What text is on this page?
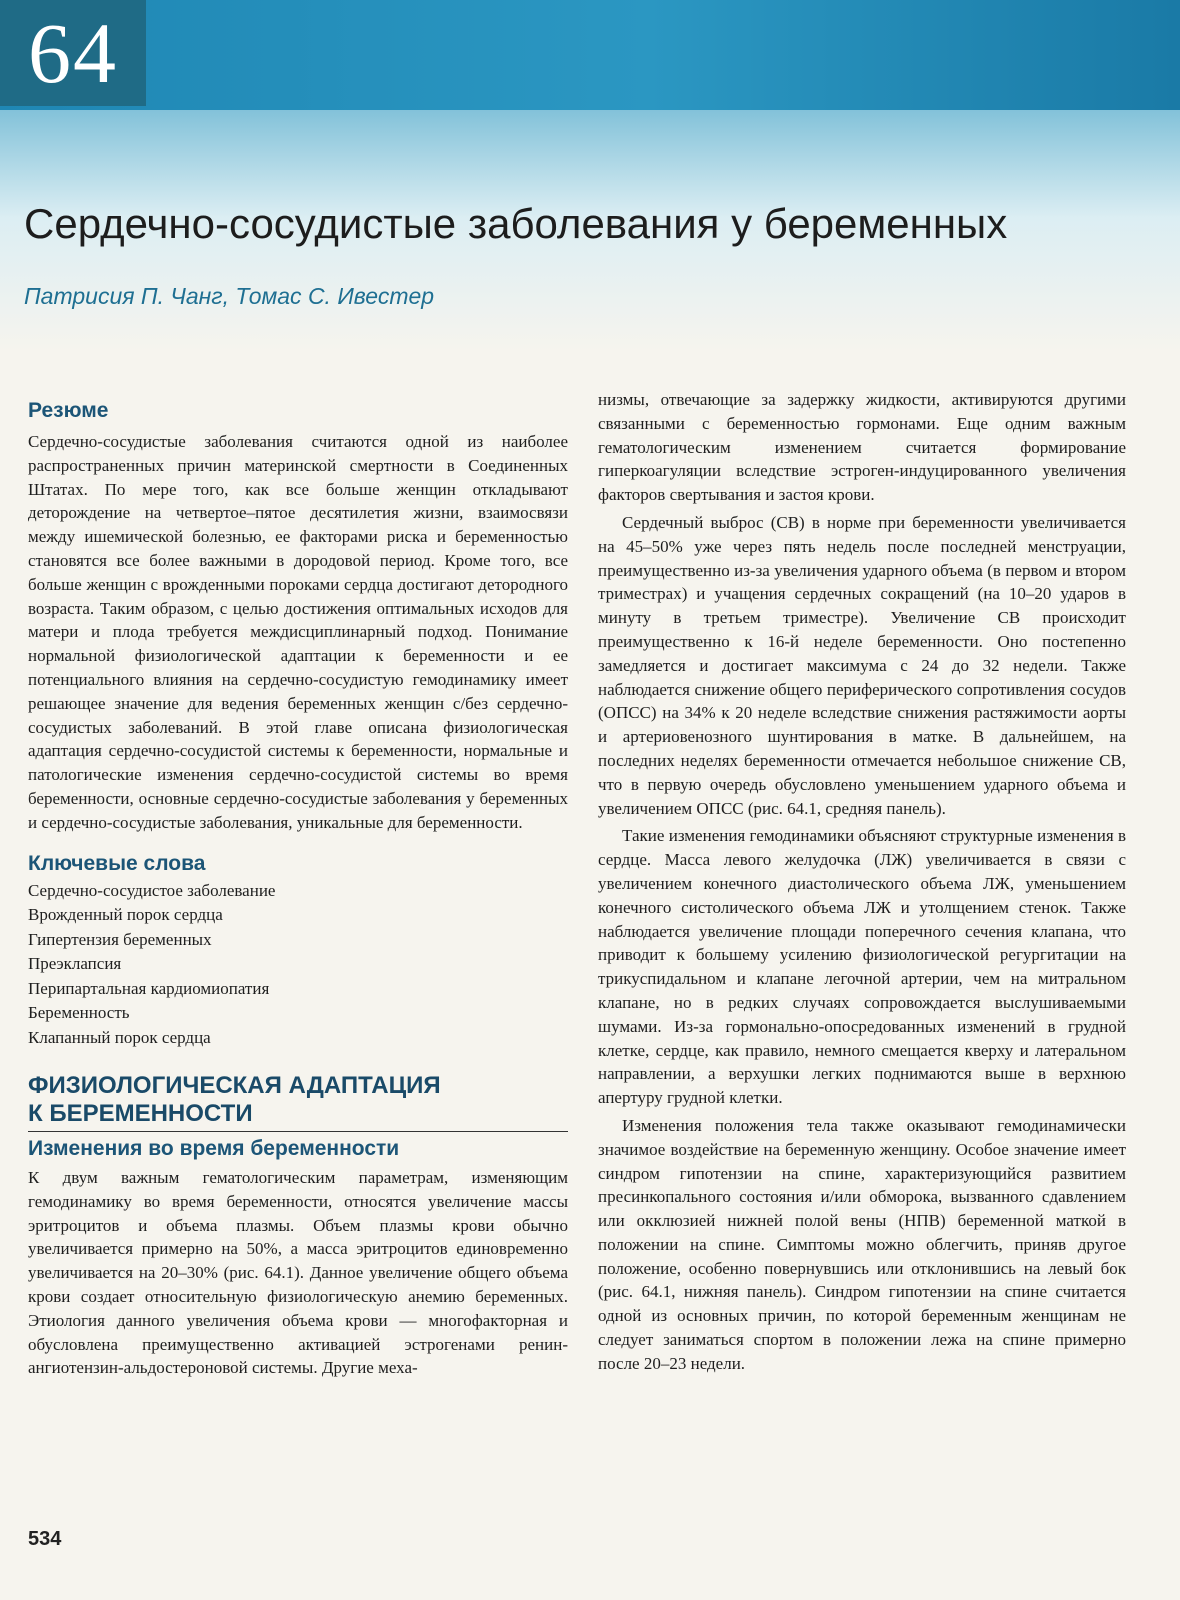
64
Сердечно-сосудистые заболевания у беременных
Патрисия П. Чанг, Томас С. Ивестер
Резюме

Сердечно-сосудистые заболевания считаются одной из наиболее распространенных причин материнской смертности в Соединенных Штатах. По мере того, как все больше женщин откладывают деторождение на четвертое–пятое десятилетия жизни, взаимосвязи между ишемической болезнью, ее факторами риска и беременностью становятся все более важными в дородовой период. Кроме того, все больше женщин с врожденными пороками сердца достигают детородного возраста. Таким образом, с целью достижения оптимальных исходов для матери и плода требуется междисциплинарный подход. Понимание нормальной физиологической адаптации к беременности и ее потенциального влияния на сердечно-сосудистую гемодинамику имеет решающее значение для ведения беременных женщин с/без сердечно-сосудистых заболеваний. В этой главе описана физиологическая адаптация сердечно-сосудистой системы к беременности, нормальные и патологические изменения сердечно-сосудистой системы во время беременности, основные сердечно-сосудистые заболевания у беременных и сердечно-сосудистые заболевания, уникальные для беременности.

Ключевые слова
Сердечно-сосудистое заболевание
Врожденный порок сердца
Гипертензия беременных
Преэклапсия
Перипартальная кардиомиопатия
Беременность
Клапанный порок сердца
ФИЗИОЛОГИЧЕСКАЯ АДАПТАЦИЯ
К БЕРЕМЕННОСТИ
Изменения во время беременности

К двум важным гематологическим параметрам, изменяющим гемодинамику во время беременности, относятся увеличение массы эритроцитов и объема плазмы. Объем плазмы крови обычно увеличивается примерно на 50%, а масса эритроцитов единовременно увеличивается на 20–30% (рис. 64.1). Данное увеличение общего объема крови создает относительную физиологическую анемию беременных. Этиология данного увеличения объема крови — многофакторная и обусловлена преимущественно активацией эстрогенами ренин-ангиотензин-альдостероновой системы. Другие меха-

низмы, отвечающие за задержку жидкости, активируются другими связанными с беременностью гормонами. Еще одним важным гематологическим изменением считается формирование гиперкоагуляции вследствие эстроген-индуцированного увеличения факторов свертывания и застоя крови.

Сердечный выброс (СВ) в норме при беременности увеличивается на 45–50% уже через пять недель после последней менструации, преимущественно из-за увеличения ударного объема (в первом и втором триместрах) и учащения сердечных сокращений (на 10–20 ударов в минуту в третьем триместре). Увеличение СВ происходит преимущественно к 16-й неделе беременности. Оно постепенно замедляется и достигает максимума с 24 до 32 недели. Также наблюдается снижение общего периферического сопротивления сосудов (ОПСС) на 34% к 20 неделе вследствие снижения растяжимости аорты и артериовенозного шунтирования в матке. В дальнейшем, на последних неделях беременности отмечается небольшое снижение СВ, что в первую очередь обусловлено уменьшением ударного объема и увеличением ОПСС (рис. 64.1, средняя панель).

Такие изменения гемодинамики объясняют структурные изменения в сердце. Масса левого желудочка (ЛЖ) увеличивается в связи с увеличением конечного диастолического объема ЛЖ, уменьшением конечного систолического объема ЛЖ и утолщением стенок. Также наблюдается увеличение площади поперечного сечения клапана, что приводит к большему усилению физиологической регургитации на трикуспидальном и клапане легочной артерии, чем на митральном клапане, но в редких случаях сопровождается выслушиваемыми шумами. Из-за гормонально-опосредованных изменений в грудной клетке, сердце, как правило, немного смещается кверху и латеральном направлении, а верхушки легких поднимаются выше в верхнюю апертуру грудной клетки.

Изменения положения тела также оказывают гемодинамически значимое воздействие на беременную женщину. Особое значение имеет синдром гипотензии на спине, характеризующийся развитием пресинкопального состояния и/или обморока, вызванного сдавлением или окклюзией нижней полой вены (НПВ) беременной маткой в положении на спине. Симптомы можно облегчить, приняв другое положение, особенно повернувшись или отклонившись на левый бок (рис. 64.1, нижняя панель). Синдром гипотензии на спине считается одной из основных причин, по которой беременным женщинам не следует заниматься спортом в положении лежа на спине примерно после 20–23 недели.

534
